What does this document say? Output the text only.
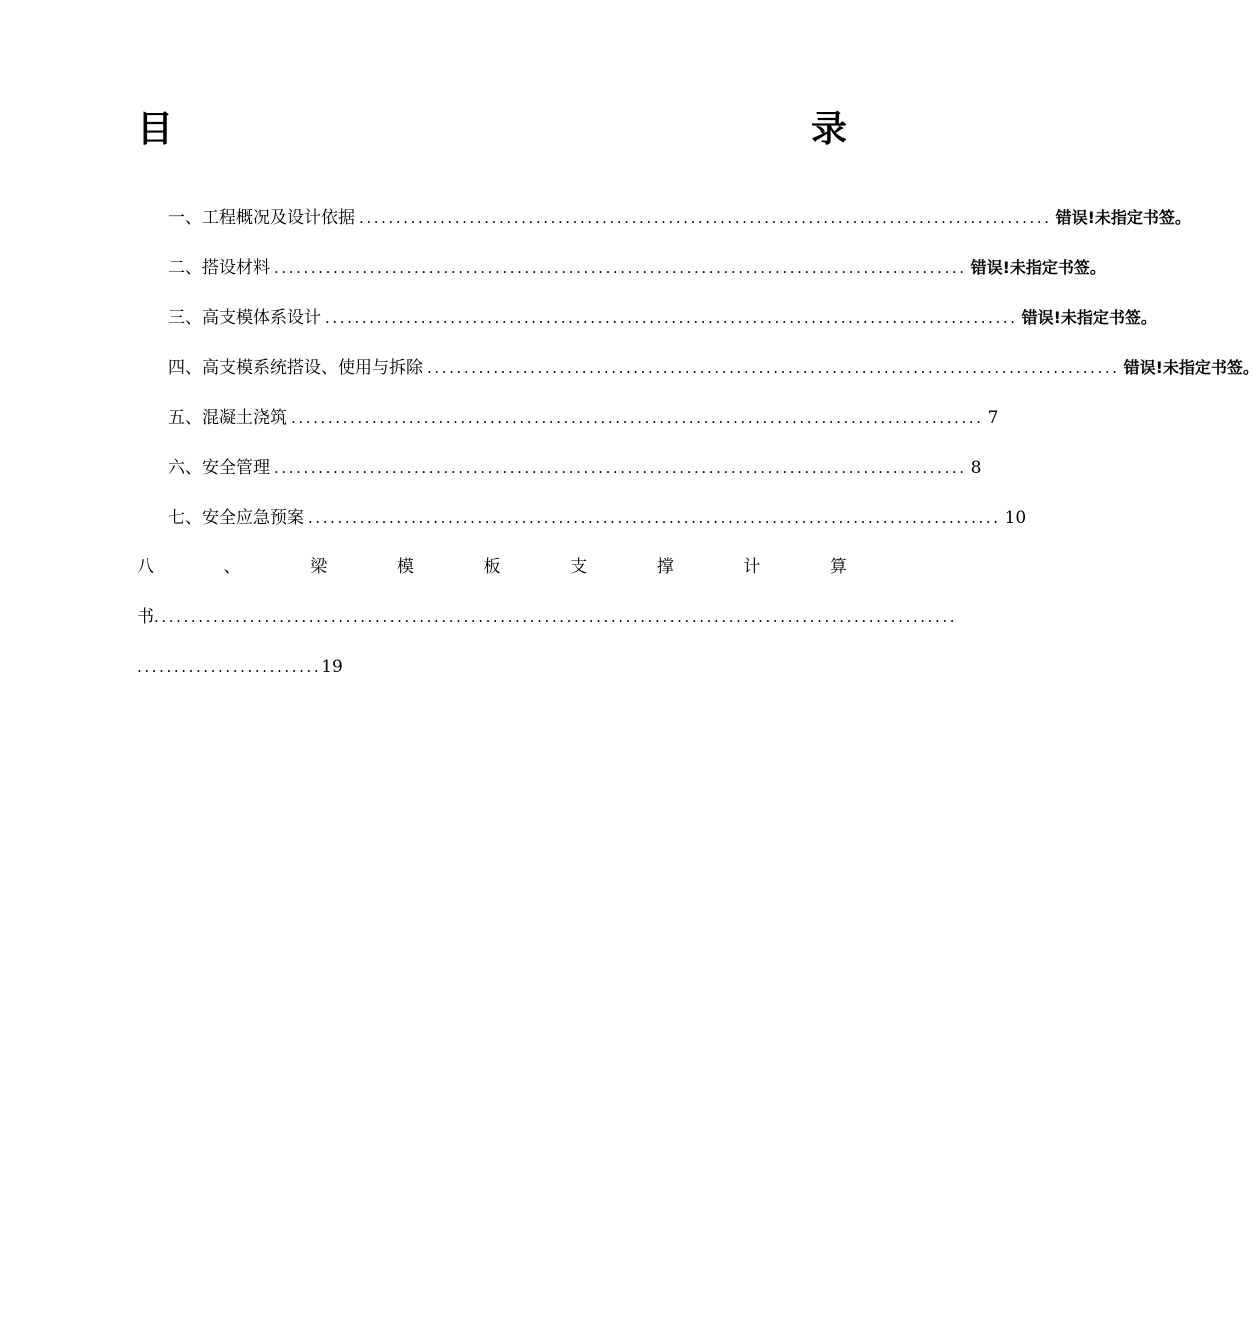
目	录
一、工程概况及设计依据 .............................................................................................. 错误!未指定书签。
二、搭设材料 .............................................................................................. 错误!未指定书签。
三、高支模体系设计 .............................................................................................. 错误!未指定书签。
四、高支模系统搭设、使用与拆除 .............................................................................................. 错误!未指定书签。
五、混凝土浇筑 .............................................................................................. 7
六、安全管理 .............................................................................................. 8
七、安全应急预案 .............................................................................................. 10
八	、	梁	模	板	支	撑	计	算
书 .............................................................................................................
......................... 19
